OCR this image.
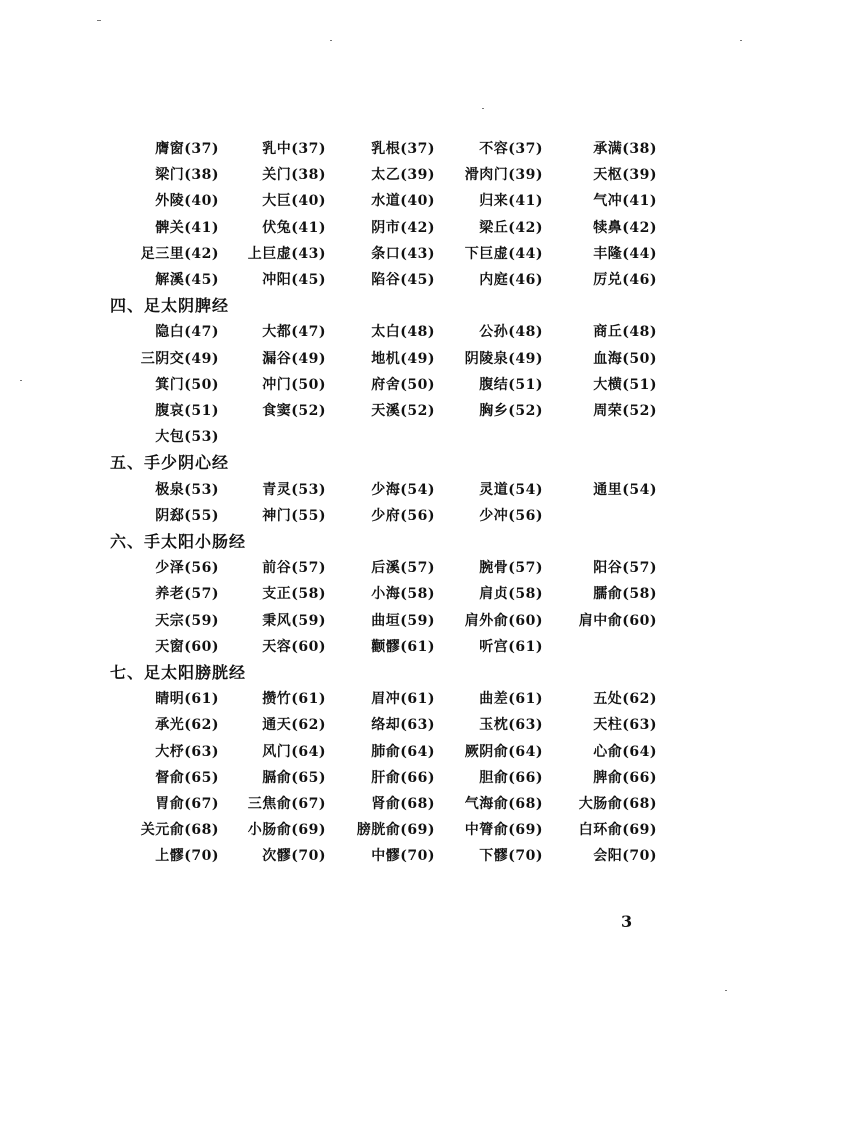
3
膺窗(37)	乳中(37)	乳根(37)	不容(37)	承满(38)
梁门(38)	关门(38)	太乙(39) 滑肉门(39)	天枢(39)
外陵(40)	大巨(40)	水道(40)	归来(41)	气冲(41)
髀关(41)	伏兔(41)	阴市(42)	梁丘(42)	犊鼻(42)
足三里(42) 上巨虚(43)	条口(43) 下巨虚(44)	丰隆(44)
解溪(45)	冲阳(45)	陷谷(45)	内庭(46)	厉兑(46)
四、足太阴脾经
隐白(47)	大都(47)	太白(48)	公孙(48)	商丘(48)
三阴交(49)	漏谷(49)	地机(49) 阴陵泉(49)	血海(50)
箕门(50)	冲门(50)	府舍(50)	腹结(51)	大横(51)
腹哀(51)	食窦(52)	天溪(52)	胸乡(52)	周荣(52)
大包(53)
五、手少阴心经
极泉(53)	青灵(53)	少海(54)	灵道(54)	通里(54)
阴郄(55)	神门(55)	少府(56)	少冲(56)
六、手太阳小肠经
少泽(56)	前谷(57)	后溪(57)	腕骨(57)	阳谷(57)
养老(57)	支正(58)	小海(58)	肩贞(58)	臑俞(58)
天宗(59)	秉风(59)	曲垣(59) 肩外俞(60)	肩中俞(60)
天窗(60)	天容(60)	颧髎(61)	听宫(61)
七、足太阳膀胱经
睛明(61)	攒竹(61)	眉冲(61)	曲差(61)	五处(62)
承光(62)	通天(62)	络却(63)	玉枕(63)	天柱(63)
大杼(63)	风门(64)	肺俞(64) 厥阴俞(64)	心俞(64)
督俞(65)	膈俞(65)	肝俞(66)	胆俞(66)	脾俞(66)
胃俞(67) 三焦俞(67)	肾俞(68) 气海俞(68)	大肠俞(68)
关元俞(68) 小肠俞(69) 膀胱俞(69) 中膂俞(69)	白环俞(69)
上髎(70)	次髎(70)	中髎(70)	下髎(70)	会阳(70)
